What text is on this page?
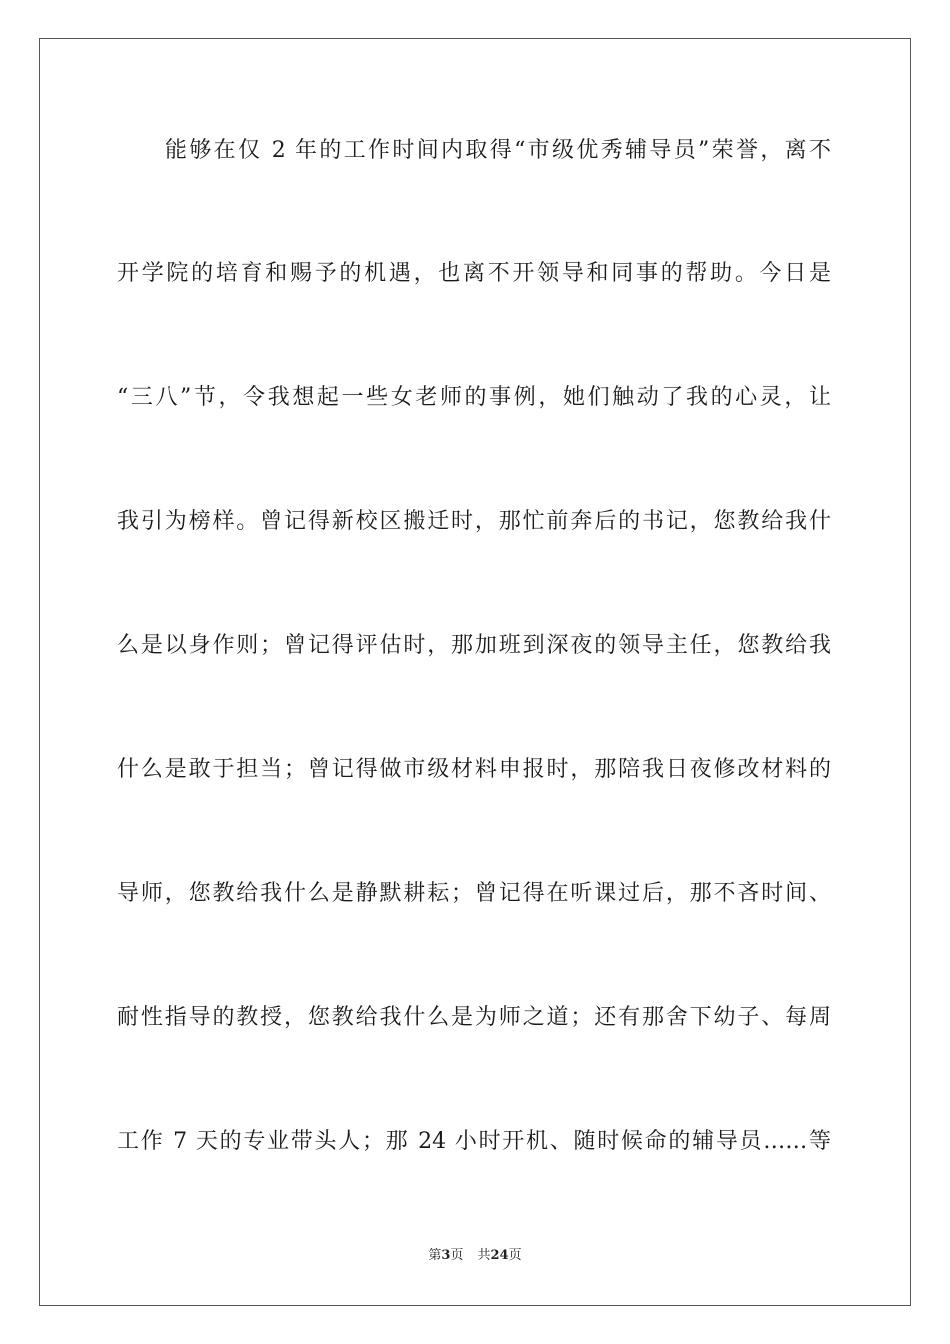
能够在仅 2 年的工作时间内取得“市级优秀辅导员”荣誉，离不
开学院的培育和赐予的机遇，也离不开领导和同事的帮助。今日是
“三八”节，令我想起一些女老师的事例，她们触动了我的心灵，让
我引为榜样。曾记得新校区搬迁时，那忙前奔后的书记，您教给我什
么是以身作则；曾记得评估时，那加班到深夜的领导主任，您教给我
什么是敢于担当；曾记得做市级材料申报时，那陪我日夜修改材料的
导师，您教给我什么是静默耕耘；曾记得在听课过后，那不吝时间、
耐性指导的教授，您教给我什么是为师之道；还有那舍下幼子、每周
工作 7 天的专业带头人；那 24 小时开机、随时候命的辅导员……等
第3页 共24页
